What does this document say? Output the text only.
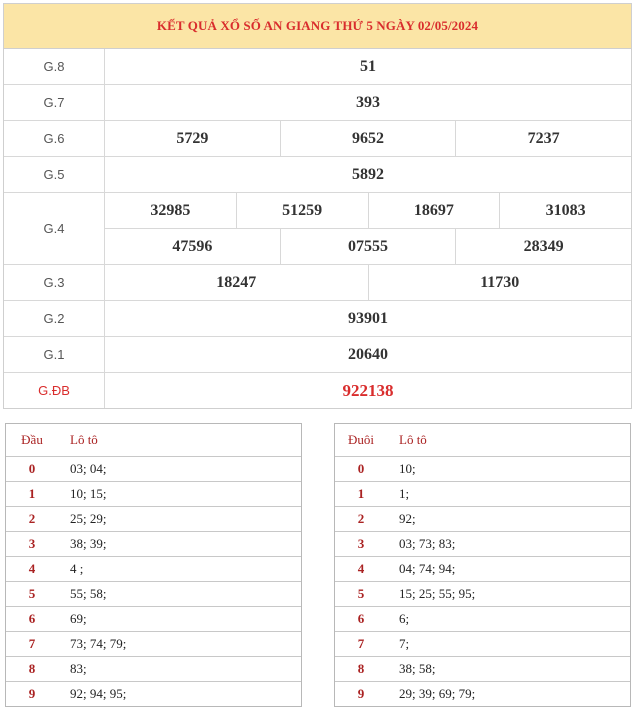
KẾT QUẢ XỔ SỐ AN GIANG THỨ 5 NGÀY 02/05/2024
G.8	51
G.7	393
G.6	5729	9652	7237
G.5	5892
G.4
32985	51259	18697	31083
47596	07555	28349
G.3	18247	11730
G.2	93901
G.1	20640
G.ĐB	922138
Đầu	Lô tô
0	03; 04;
1	10; 15;
2	25; 29;
3	38; 39;
4	4 ;
5	55; 58;
6	69;
7	73; 74; 79;
8	83;
9	92; 94; 95;
Đuôi	Lô tô
0	10;
1	1;
2	92;
3	03; 73; 83;
4	04; 74; 94;
5	15; 25; 55; 95;
6	6;
7	7;
8	38; 58;
9	29; 39; 69; 79;
